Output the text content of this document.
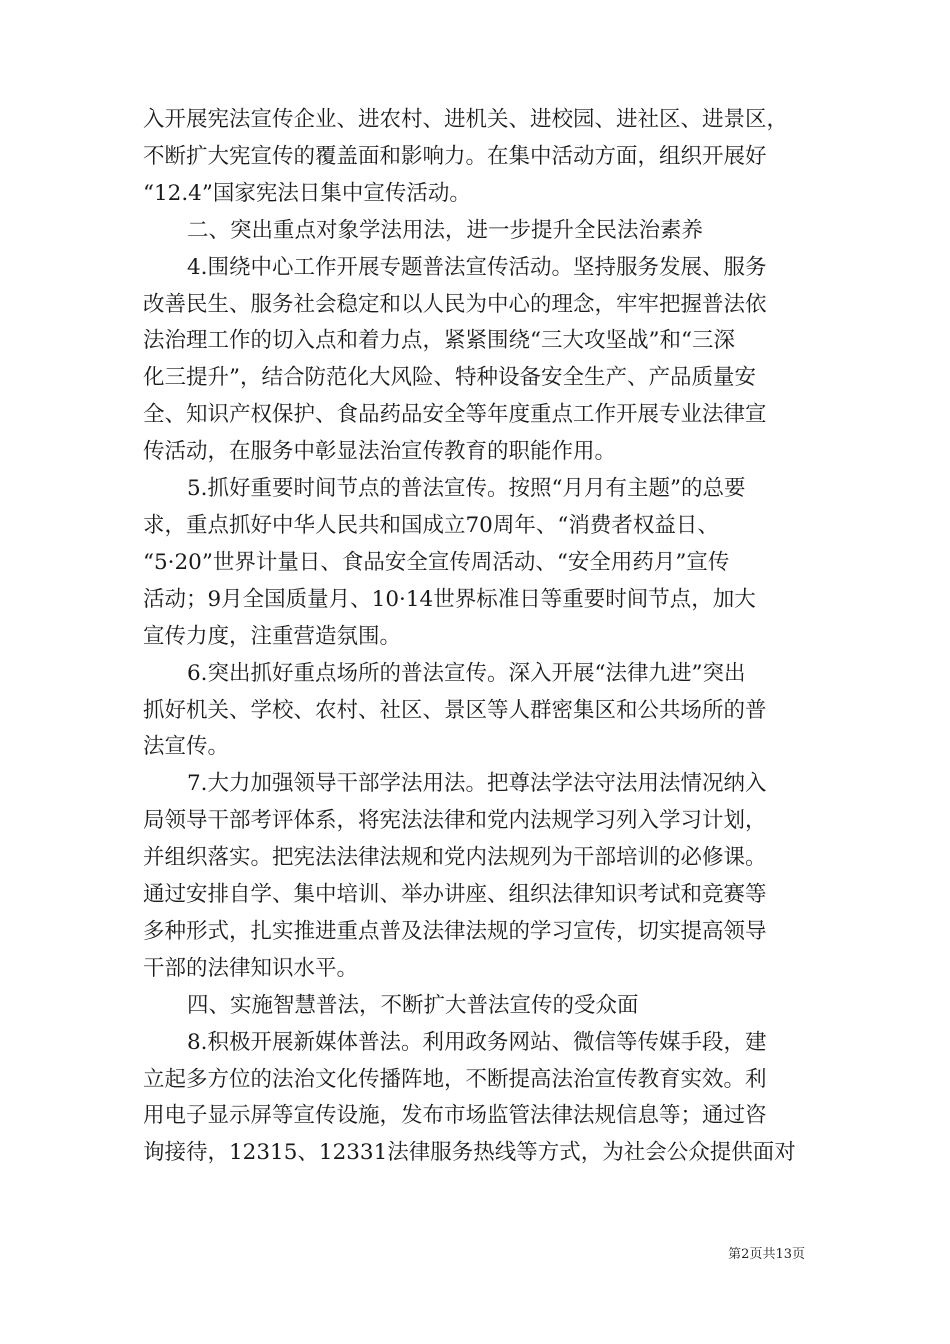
入开展宪法宣传企业、进农村、进机关、进校园、进社区、进景区，
不断扩大宪宣传的覆盖面和影响力。在集中活动方面，组织开展好
“12.4”国家宪法日集中宣传活动。

二、突出重点对象学法用法，进一步提升全民法治素养

4.围绕中心工作开展专题普法宣传活动。坚持服务发展、服务
改善民生、服务社会稳定和以人民为中心的理念，牢牢把握普法依
法治理工作的切入点和着力点，紧紧围绕“三大攻坚战”和“三深
化三提升”，结合防范化大风险、特种设备安全生产、产品质量安
全、知识产权保护、食品药品安全等年度重点工作开展专业法律宣
传活动，在服务中彰显法治宣传教育的职能作用。

5.抓好重要时间节点的普法宣传。按照“月月有主题”的总要
求，重点抓好中华人民共和国成立70周年、“消费者权益日、
“5·20”世界计量日、食品安全宣传周活动、“安全用药月”宣传
活动；9月全国质量月、10·14世界标准日等重要时间节点，加大
宣传力度，注重营造氛围。

6.突出抓好重点场所的普法宣传。深入开展“法律九进”突出
抓好机关、学校、农村、社区、景区等人群密集区和公共场所的普
法宣传。

7.大力加强领导干部学法用法。把尊法学法守法用法情况纳入
局领导干部考评体系，将宪法法律和党内法规学习列入学习计划，
并组织落实。把宪法法律法规和党内法规列为干部培训的必修课。
通过安排自学、集中培训、举办讲座、组织法律知识考试和竞赛等
多种形式，扎实推进重点普及法律法规的学习宣传，切实提高领导
干部的法律知识水平。

四、实施智慧普法，不断扩大普法宣传的受众面

8.积极开展新媒体普法。利用政务网站、微信等传媒手段，建
立起多方位的法治文化传播阵地，不断提高法治宣传教育实效。利
用电子显示屏等宣传设施，发布市场监管法律法规信息等；通过咨
询接待，12315、12331法律服务热线等方式，为社会公众提供面对

第2页共13页
